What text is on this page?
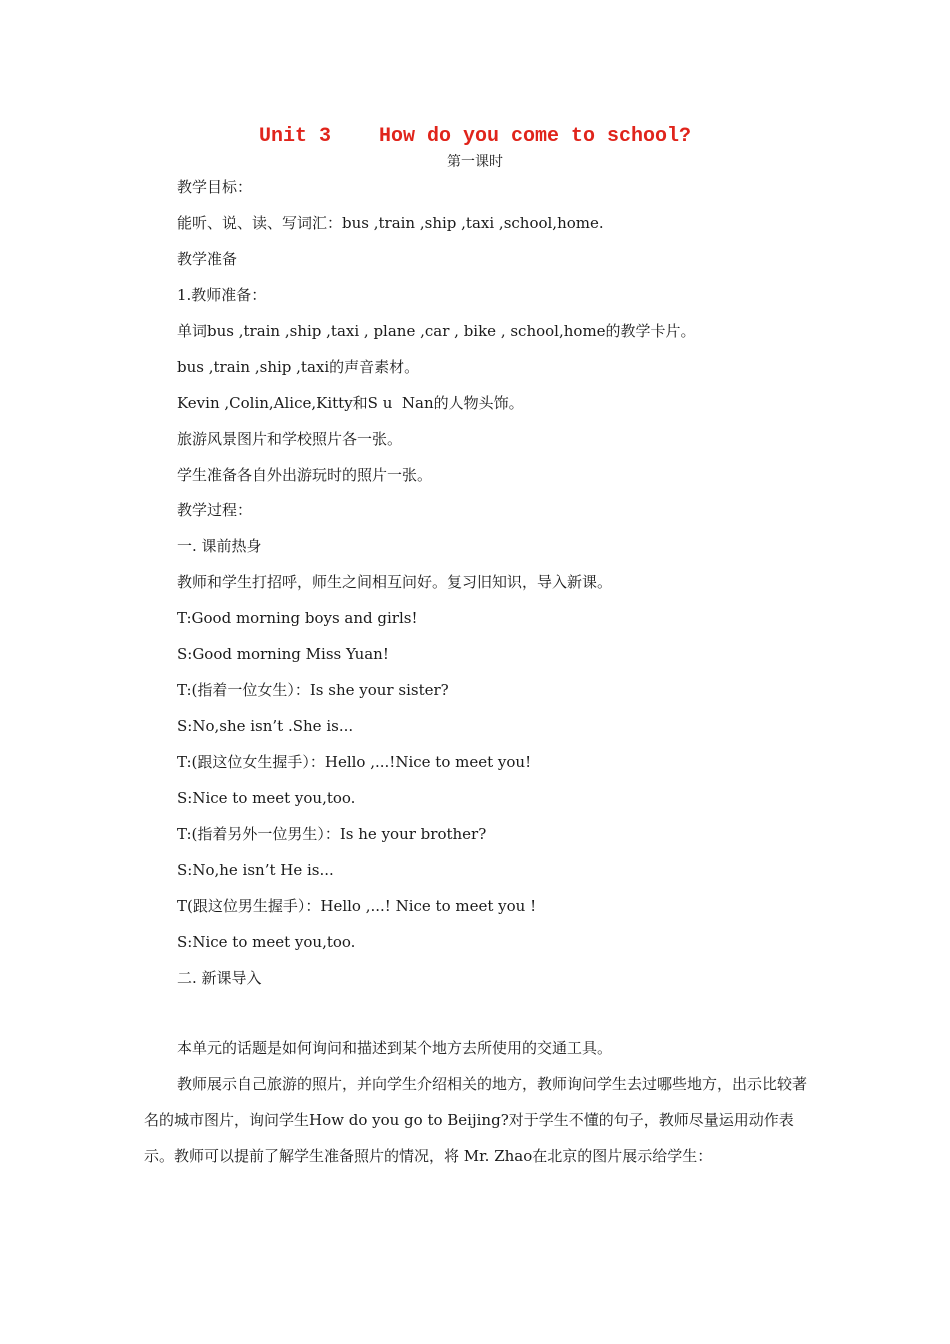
Unit 3    How do you come to school?
第一课时
教学目标：
能听、说、读、写词汇：bus ,train ,ship ,taxi ,school,home.
教学准备
1.教师准备：
单词bus ,train ,ship ,taxi , plane ,car , bike , school,home的教学卡片。
bus ,train ,ship ,taxi的声音素材。
Kevin ,Colin,Alice,Kitty和S u  Nan的人物头饰。
旅游风景图片和学校照片各一张。
学生准备各自外出游玩时的照片一张。
教学过程：
一. 课前热身
教师和学生打招呼，师生之间相互问好。复习旧知识，导入新课。
T:Good morning boys and girls!
S:Good morning Miss Yuan!
T:(指着一位女生）：Is she your sister?
S:No,she isn’t .She is...
T:(跟这位女生握手）：Hello ,...!Nice to meet you!
S:Nice to meet you,too.
T:(指着另外一位男生）：Is he your brother?
S:No,he isn’t He is...
T(跟这位男生握手）：Hello ,...! Nice to meet you !
S:Nice to meet you,too.
二. 新课导入

本单元的话题是如何询问和描述到某个地方去所使用的交通工具。

教师展示自己旅游的照片，并向学生介绍相关的地方，教师询问学生去过哪些地方，出示比较著名的城市图片，询问学生How do you go to Beijing?对于学生不懂的句子，教师尽量运用动作表示。教师可以提前了解学生准备照片的情况，将 Mr. Zhao在北京的图片展示给学生：
